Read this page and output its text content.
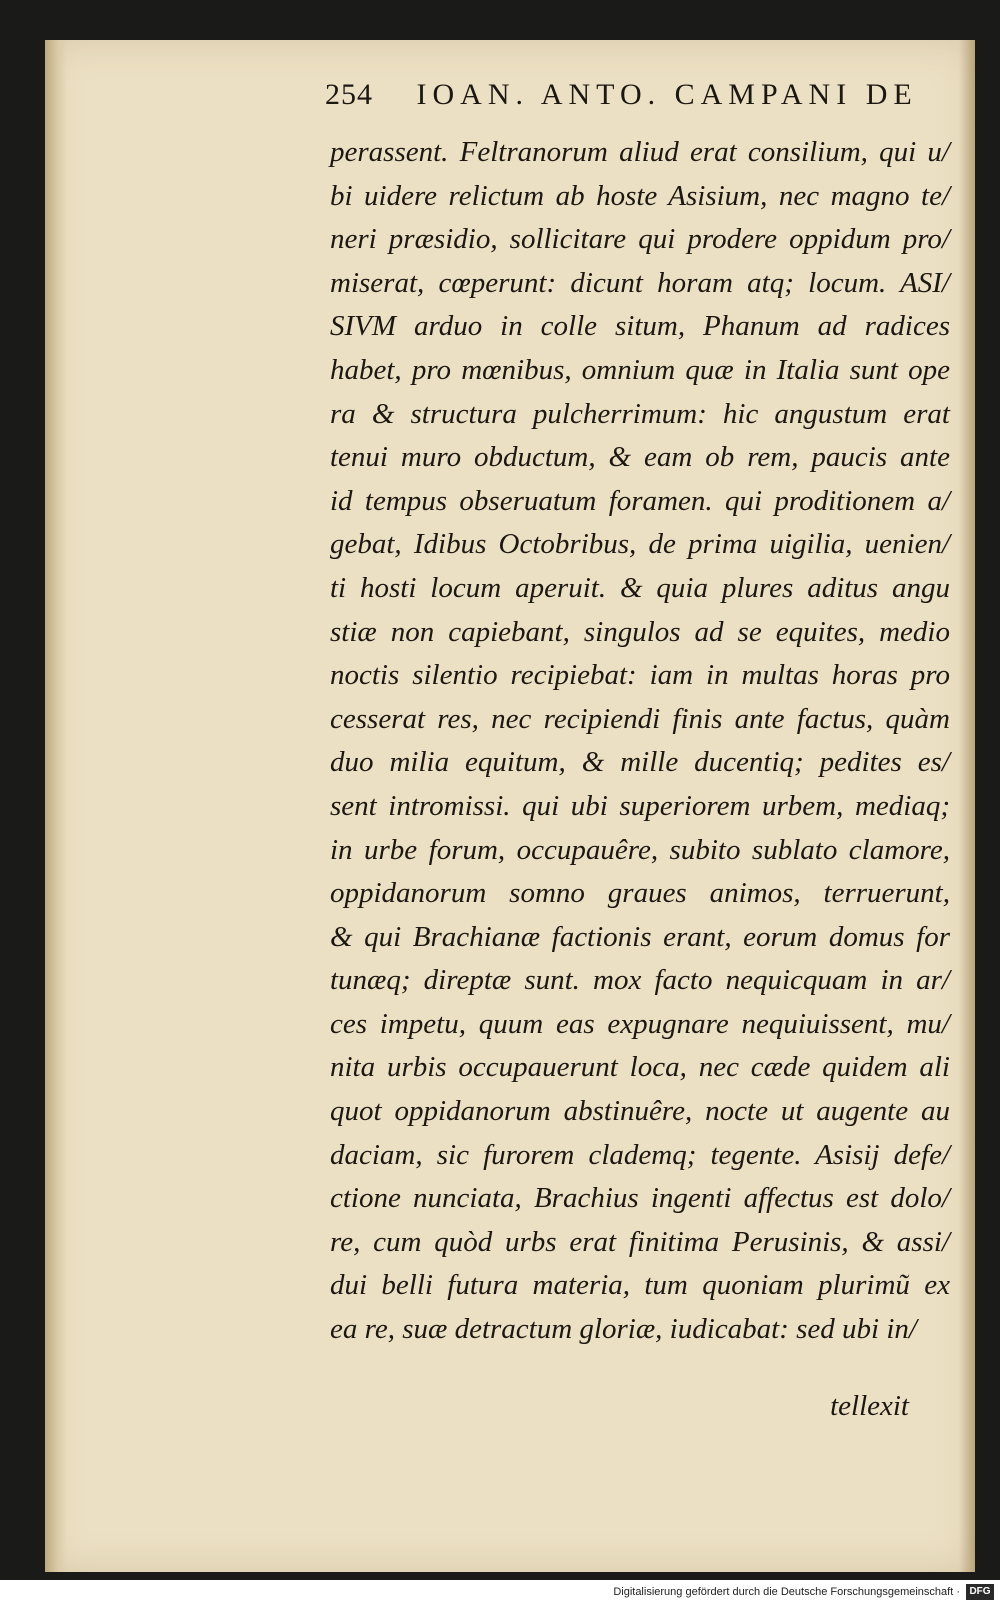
254 IOAN. ANTO. CAMPANI DE
perassent. Feltranorum aliud erat consilium, qui u/
bi uidere relictum ab hoste Asisium, nec magno te/
neri præsidio, sollicitare qui prodere oppidum pro/
miserat, cœperunt: dicunt horam atq; locum. ASI/
SIVM arduo in colle situm, Phanum ad radices
habet, pro mœnibus, omnium quæ in Italia sunt ope
ra & structura pulcherrimum: hic angustum erat
tenui muro obductum, & eam ob rem, paucis ante
id tempus obseruatum foramen. qui proditionem a/
gebat, Idibus Octobribus, de prima uigilia, uenien/
ti hosti locum aperuit. & quia plures aditus angu
stiæ non capiebant, singulos ad se equites, medio
noctis silentio recipiebat: iam in multas horas pro
cesserat res, nec recipiendi finis ante factus, quàm
duo milia equitum, & mille ducentiq; pedites es/
sent intromissi. qui ubi superiorem urbem, mediaq;
in urbe forum, occupauêre, subito sublato clamore,
oppidanorum somno graues animos, terruerunt,
& qui Brachianæ factionis erant, eorum domus for
tunæq; direptæ sunt. mox facto nequicquam in ar/
ces impetu, quum eas expugnare nequiuissent, mu/
nita urbis occupauerunt loca, nec cæde quidem ali
quot oppidanorum abstinuêre, nocte ut augente au
daciam, sic furorem clademq; tegente. Asisij defe/
ctione nunciata, Brachius ingenti affectus est dolo/
re, cum quòd urbs erat finitima Perusinis, & assi/
dui belli futura materia, tum quoniam plurimũ ex
ea re, suæ detractum gloriæ, iudicabat: sed ubi in/
tellexit
Digitalisierung gefördert durch die Deutsche Forschungsgemeinschaft · DFG
